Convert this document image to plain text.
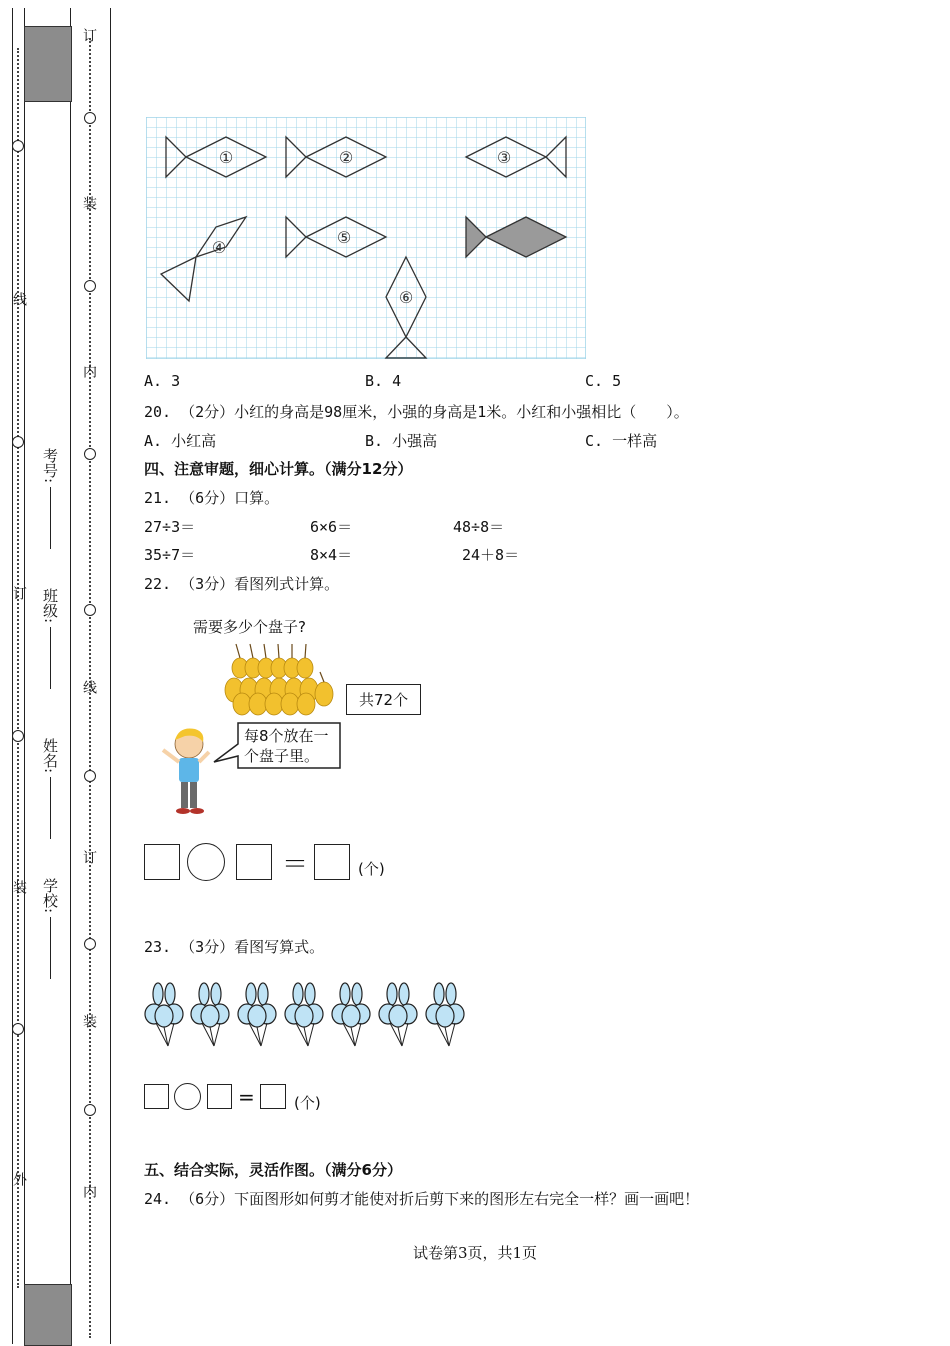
外
装
订
线
订
装
内
线
订
装
内
学校:
姓名:
班级:
考号:
①	②	③
④
⑤
⑥
A. 3	B. 4	C. 5
20. （2分）小红的身高是98厘米，小强的身高是1米。小红和小强相比（　　）。
A. 小红高	B. 小强高	C. 一样高
四、注意审题，细心计算。（满分12分）
21. （6分）口算。
27÷3＝	6×6＝	48÷8＝
35÷7＝	8×4＝	24＋8＝
22. （3分）看图列式计算。
需要多少个盘子?
共72个
每8个放在一
个盘子里。
＝	(个)
23. （3分）看图写算式。
=	(个)
五、结合实际，灵活作图。（满分6分）
24. （6分）下面图形如何剪才能使对折后剪下来的图形左右完全一样？画一画吧！
试卷第3页，共1页
